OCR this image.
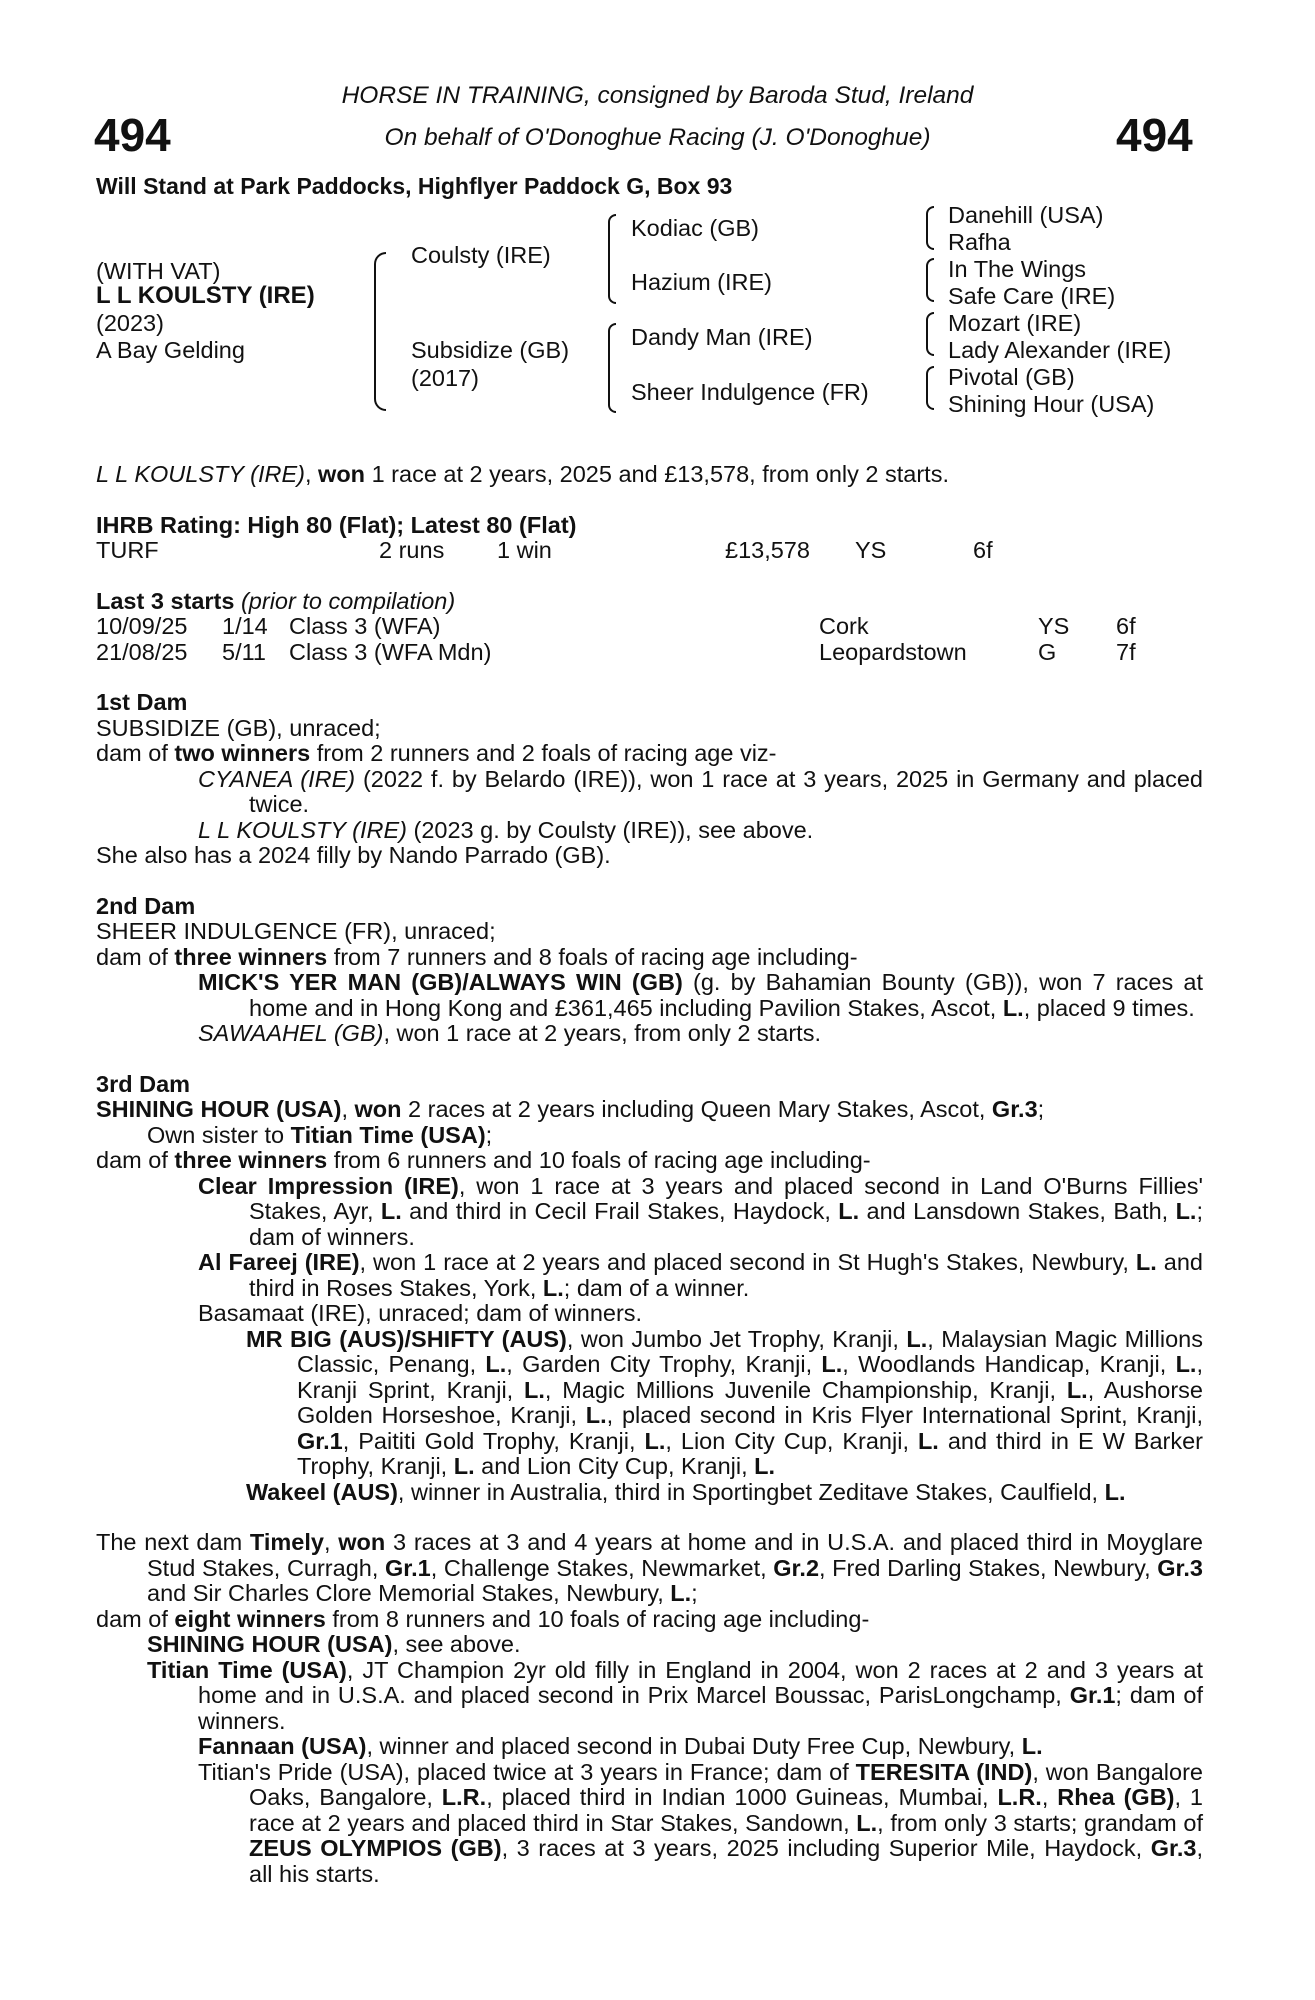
494	494
HORSE IN TRAINING, consigned by Baroda Stud, Ireland
On behalf of O'Donoghue Racing (J. O'Donoghue)
Will Stand at Park Paddocks, Highflyer Paddock G, Box 93
(WITH VAT)
L L KOULSTY (IRE)
(2023)
A Bay Gelding
Coulsty (IRE)
Subsidize (GB)
(2017)
Kodiac (GB)
Hazium (IRE)
Dandy Man (IRE)
Sheer Indulgence (FR)
Danehill (USA)
Rafha
In The Wings
Safe Care (IRE)
Mozart (IRE)
Lady Alexander (IRE)
Pivotal (GB)
Shining Hour (USA)

L L KOULSTY (IRE), won 1 race at 2 years, 2025 and £13,578, from only 2 starts.

IHRB Rating: High 80 (Flat); Latest 80 (Flat)

TURF	2 runs 1 win	£13,578 YS	6f

Last 3 starts (prior to compilation)

10/09/25 1/14 Class 3 (WFA)	Cork	YS 6f
21/08/25 5/11 Class 3 (WFA Mdn)	Leopardstown	G	7f

1st Dam

SUBSIDIZE (GB), unraced;

dam of two winners from 2 runners and 2 foals of racing age viz-

CYANEA (IRE) (2022 f. by Belardo (IRE)), won 1 race at 3 years, 2025 in Germany and placed twice.

L L KOULSTY (IRE) (2023 g. by Coulsty (IRE)), see above.

She also has a 2024 filly by Nando Parrado (GB).

2nd Dam

SHEER INDULGENCE (FR), unraced;

dam of three winners from 7 runners and 8 foals of racing age including-

MICK'S YER MAN (GB)/ALWAYS WIN (GB) (g. by Bahamian Bounty (GB)), won 7 races at home and in Hong Kong and £361,465 including Pavilion Stakes, Ascot, L., placed 9 times.

SAWAAHEL (GB), won 1 race at 2 years, from only 2 starts.

3rd Dam

SHINING HOUR (USA), won 2 races at 2 years including Queen Mary Stakes, Ascot, Gr.3;

Own sister to Titian Time (USA);

dam of three winners from 6 runners and 10 foals of racing age including-

Clear Impression (IRE), won 1 race at 3 years and placed second in Land O'Burns Fillies' Stakes, Ayr, L. and third in Cecil Frail Stakes, Haydock, L. and Lansdown Stakes, Bath, L.; dam of winners.

Al Fareej (IRE), won 1 race at 2 years and placed second in St Hugh's Stakes, Newbury, L. and third in Roses Stakes, York, L.; dam of a winner.

Basamaat (IRE), unraced; dam of winners.

MR BIG (AUS)/SHIFTY (AUS), won Jumbo Jet Trophy, Kranji, L., Malaysian Magic Millions Classic, Penang, L., Garden City Trophy, Kranji, L., Woodlands Handicap, Kranji, L., Kranji Sprint, Kranji, L., Magic Millions Juvenile Championship, Kranji, L., Aushorse Golden Horseshoe, Kranji, L., placed second in Kris Flyer International Sprint, Kranji, Gr.1, Paititi Gold Trophy, Kranji, L., Lion City Cup, Kranji, L. and third in E W Barker Trophy, Kranji, L. and Lion City Cup, Kranji, L.

Wakeel (AUS), winner in Australia, third in Sportingbet Zeditave Stakes, Caulfield, L.

The next dam Timely, won 3 races at 3 and 4 years at home and in U.S.A. and placed third in Moyglare Stud Stakes, Curragh, Gr.1, Challenge Stakes, Newmarket, Gr.2, Fred Darling Stakes, Newbury, Gr.3 and Sir Charles Clore Memorial Stakes, Newbury, L.;

dam of eight winners from 8 runners and 10 foals of racing age including-

SHINING HOUR (USA), see above.

Titian Time (USA), JT Champion 2yr old filly in England in 2004, won 2 races at 2 and 3 years at home and in U.S.A. and placed second in Prix Marcel Boussac, ParisLongchamp, Gr.1; dam of winners.

Fannaan (USA), winner and placed second in Dubai Duty Free Cup, Newbury, L.

Titian's Pride (USA), placed twice at 3 years in France; dam of TERESITA (IND), won Bangalore Oaks, Bangalore, L.R., placed third in Indian 1000 Guineas, Mumbai, L.R., Rhea (GB), 1 race at 2 years and placed third in Star Stakes, Sandown, L., from only 3 starts; grandam of ZEUS OLYMPIOS (GB), 3 races at 3 years, 2025 including Superior Mile, Haydock, Gr.3, all his starts.
